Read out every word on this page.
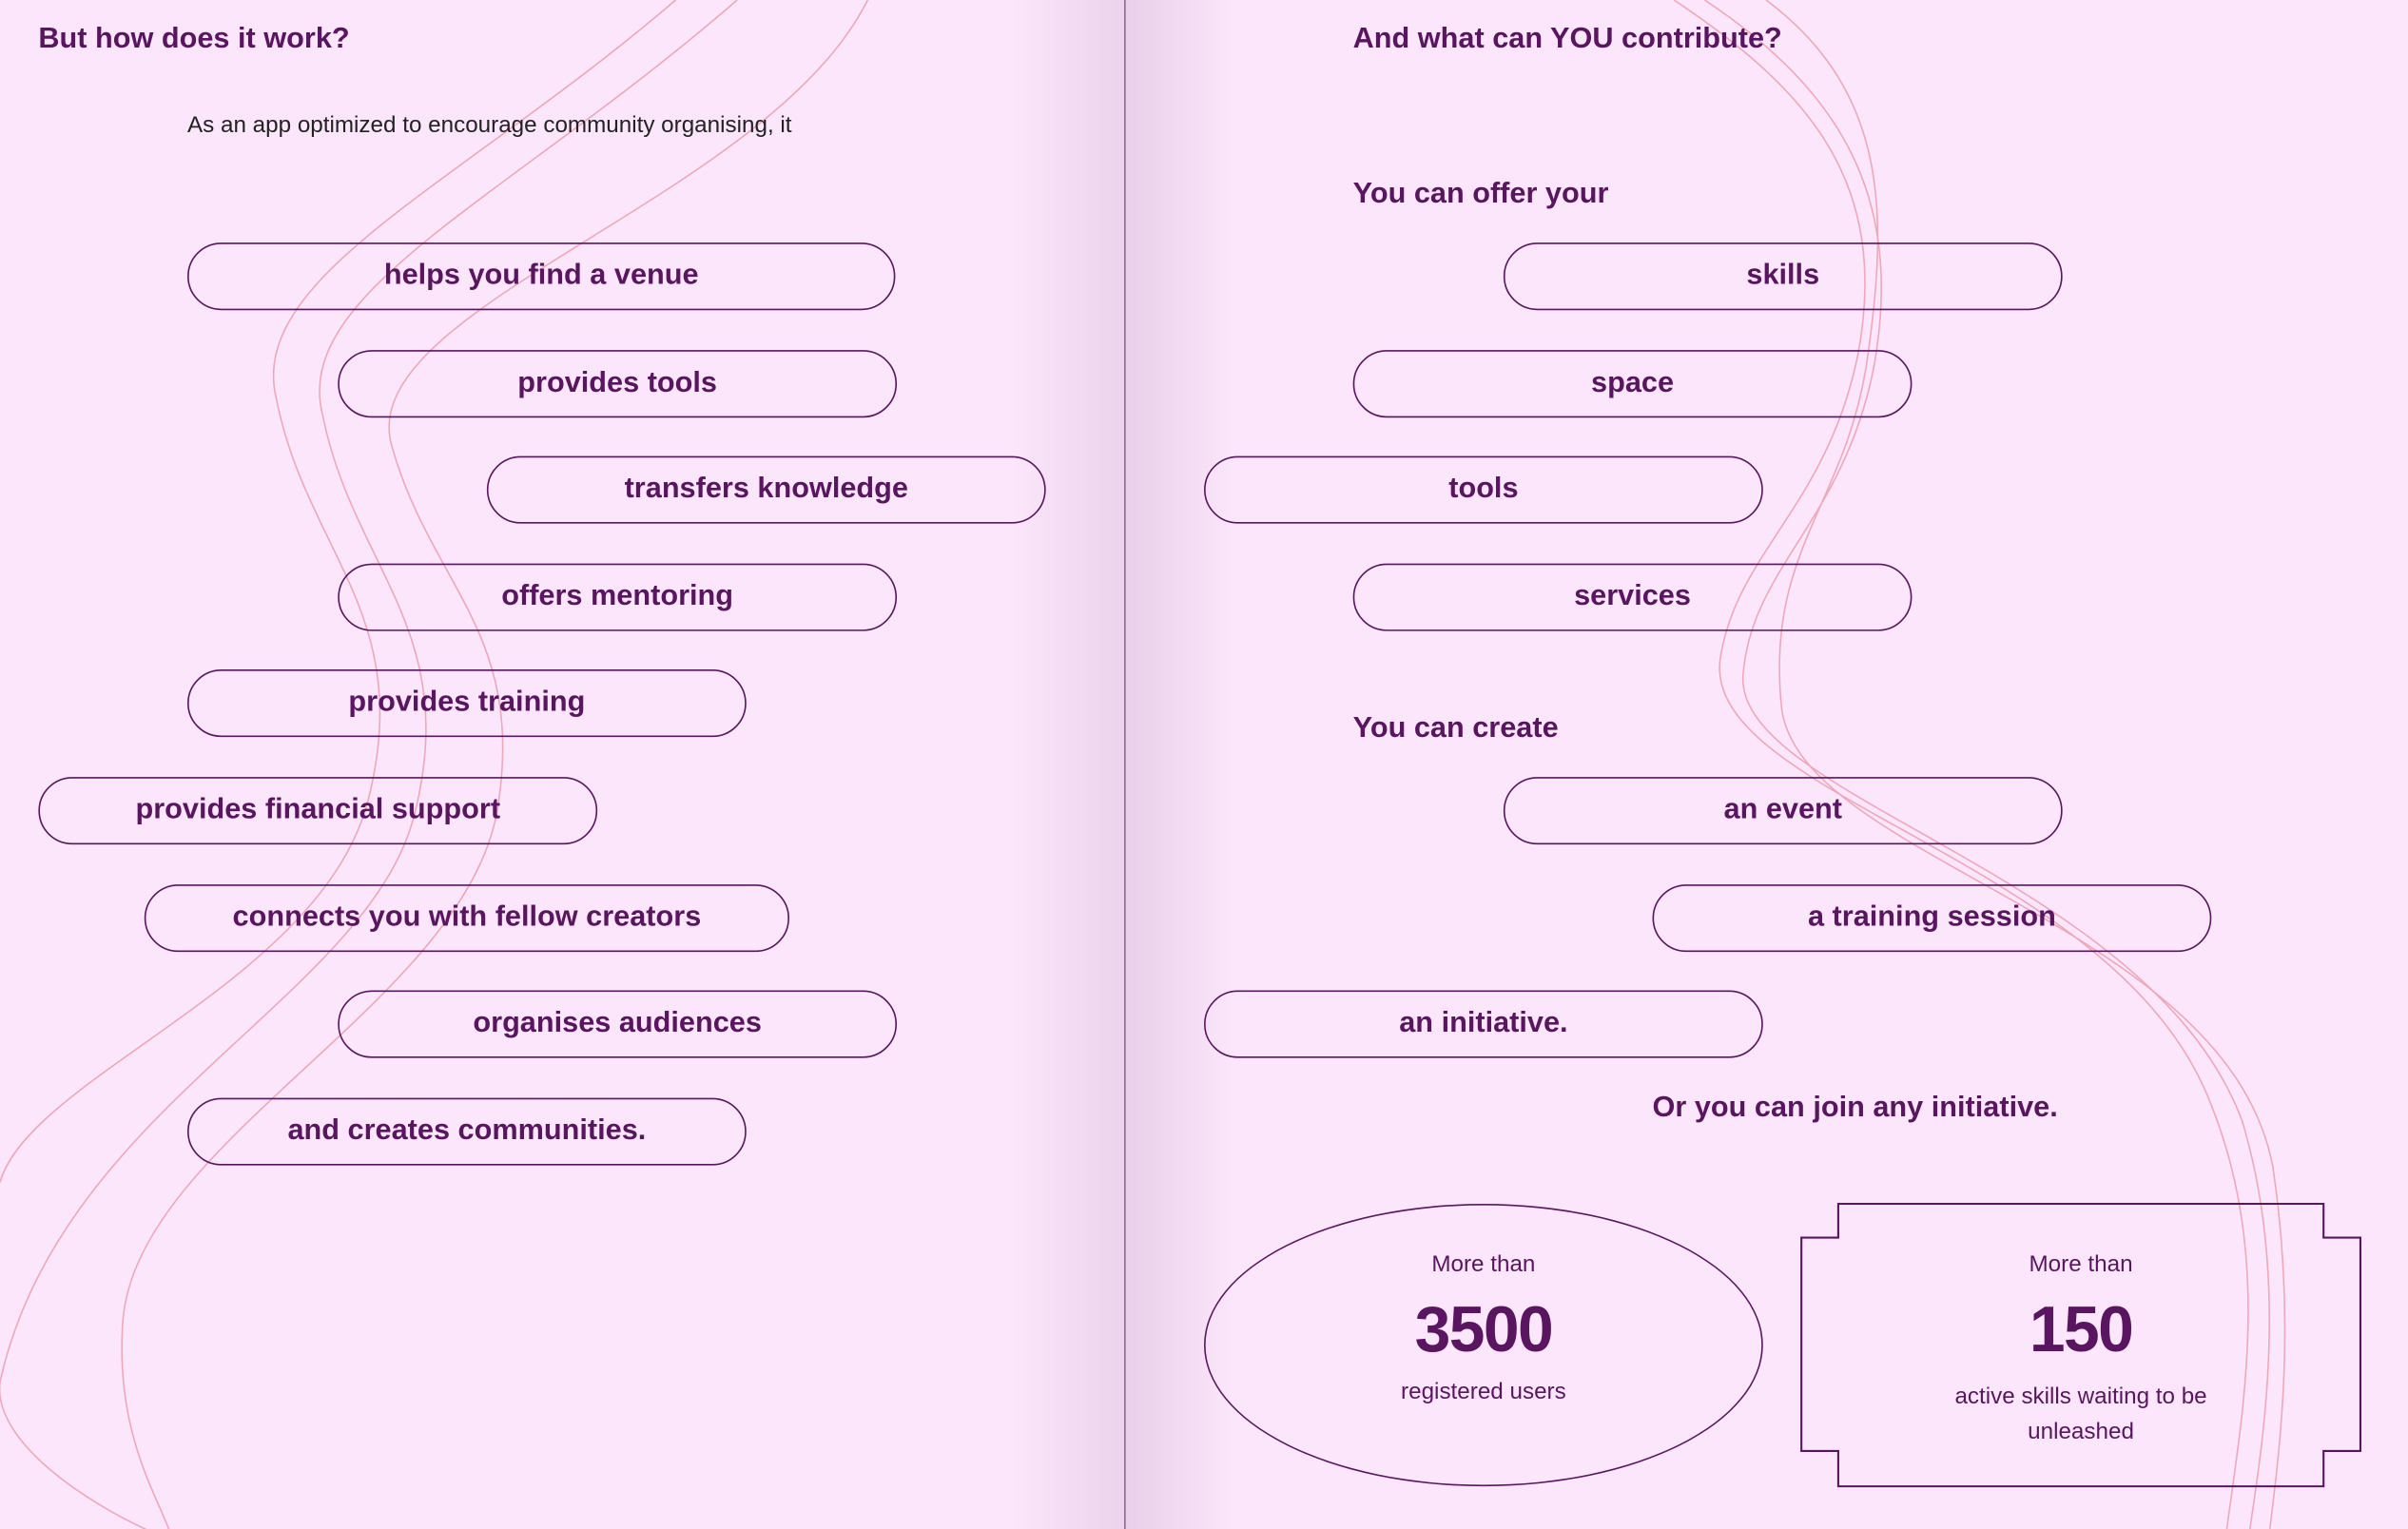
But how does it work?
As an app optimized to encourage community organising, it
helps you find a venue
provides tools
transfers knowledge
offers mentoring
provides training
provides financial support
connects you with fellow creators
organises audiences
and creates communities.
And what can YOU contribute?
You can offer your
skills
space
tools
services
You can create
an event
a training session
an initiative.
Or you can join any initiative.
More than
3500
registered users
More than
150
active skills waiting to be unleashed
